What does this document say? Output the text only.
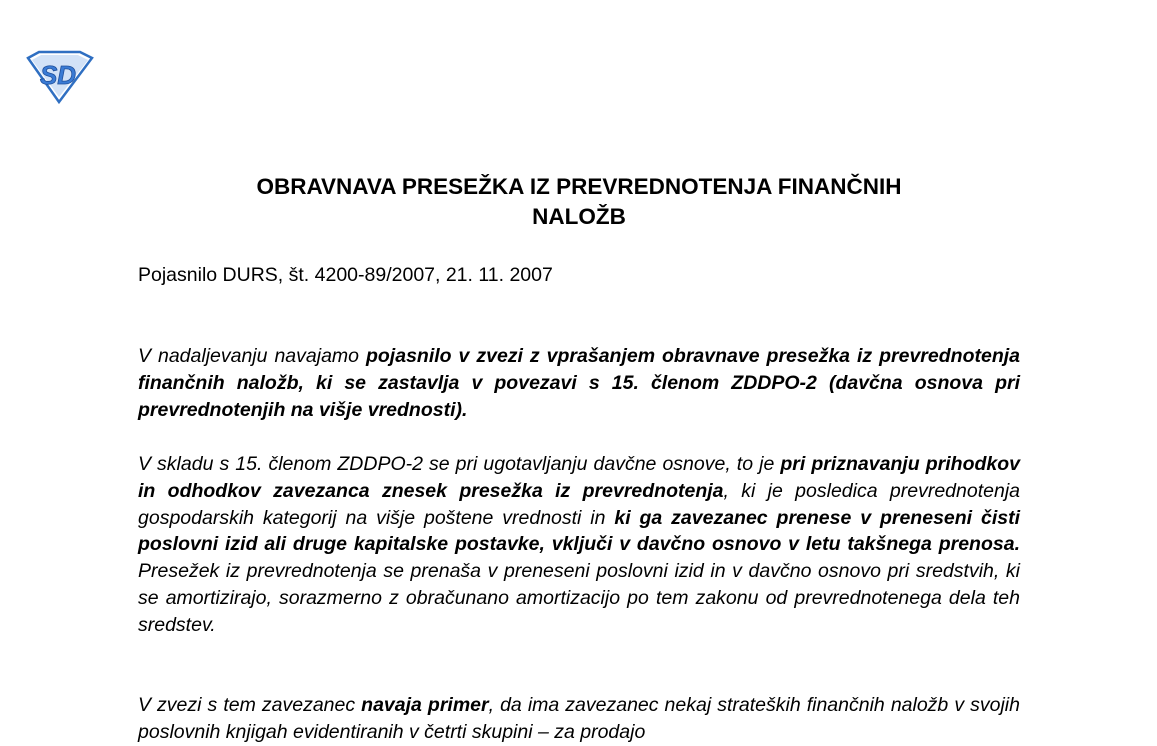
SD
OBRAVNAVA PRESEŽKA IZ PREVREDNOTENJA FINANČNIH
NALOŽB

Pojasnilo DURS, št. 4200-89/2007, 21. 11. 2007

V nadaljevanju navajamo pojasnilo v zvezi z vprašanjem obravnave presežka iz prevrednotenja finančnih naložb, ki se zastavlja v povezavi s 15. členom ZDDPO-2 (davčna osnova pri prevrednotenjih na višje vrednosti).

V skladu s 15. členom ZDDPO-2 se pri ugotavljanju davčne osnove, to je pri priznavanju prihodkov in odhodkov zavezanca znesek presežka iz prevrednotenja, ki je posledica prevrednotenja gospodarskih kategorij na višje poštene vrednosti in ki ga zavezanec prenese v preneseni čisti poslovni izid ali druge kapitalske postavke, vključi v davčno osnovo v letu takšnega prenosa. Presežek iz prevrednotenja se prenaša v preneseni poslovni izid in v davčno osnovo pri sredstvih, ki se amortizirajo, sorazmerno z obračunano amortizacijo po tem zakonu od prevrednotenega dela teh sredstev.

V zvezi s tem zavezanec navaja primer, da ima zavezanec nekaj strateških finančnih naložb v svojih poslovnih knjigah evidentiranih v četrti skupini – za prodajo
